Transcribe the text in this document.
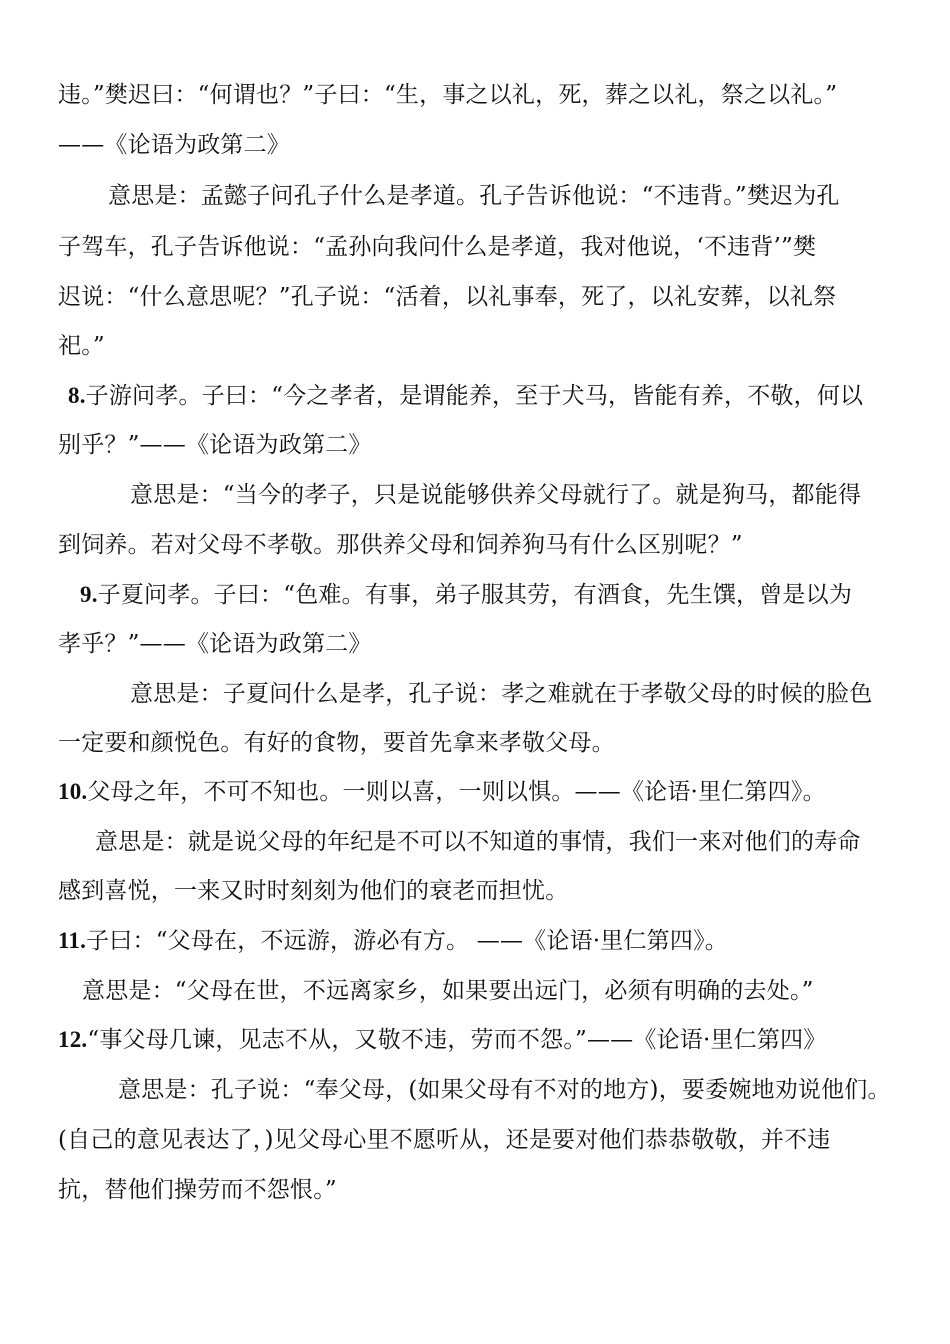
违。”樊迟曰：“何谓也？”子曰：“生，事之以礼，死，葬之以礼，祭之以礼。”
——《论语为政第二》
意思是：孟懿子问孔子什么是孝道。孔子告诉他说：“不违背。”樊迟为孔
子驾车，孔子告诉他说：“孟孙向我问什么是孝道，我对他说，‘不违背’”樊
迟说：“什么意思呢？”孔子说：“活着，以礼事奉，死了，以礼安葬，以礼祭
祀。”
8.子游问孝。子曰：“今之孝者，是谓能养，至于犬马，皆能有养，不敬，何以
别乎？”——《论语为政第二》
意思是：“当今的孝子，只是说能够供养父母就行了。就是狗马，都能得
到饲养。若对父母不孝敬。那供养父母和饲养狗马有什么区别呢？”
9.子夏问孝。子曰：“色难。有事，弟子服其劳，有酒食，先生馔，曾是以为
孝乎？”——《论语为政第二》
意思是：子夏问什么是孝，孔子说：孝之难就在于孝敬父母的时候的脸色
一定要和颜悦色。有好的食物，要首先拿来孝敬父母。
10.父母之年，不可不知也。一则以喜，一则以惧。——《论语·里仁第四》。
意思是：就是说父母的年纪是不可以不知道的事情，我们一来对他们的寿命
感到喜悦，一来又时时刻刻为他们的衰老而担忧。
11.子曰：“父母在，不远游，游必有方。 ——《论语·里仁第四》。
意思是：“父母在世，不远离家乡，如果要出远门，必须有明确的去处。”
12.“事父母几谏，见志不从，又敬不违，劳而不怨。”——《论语·里仁第四》
意思是：孔子说：“奉父母，(如果父母有不对的地方)，要委婉地劝说他们。
(自己的意见表达了，)见父母心里不愿听从，还是要对他们恭恭敬敬，并不违
抗，替他们操劳而不怨恨。”
